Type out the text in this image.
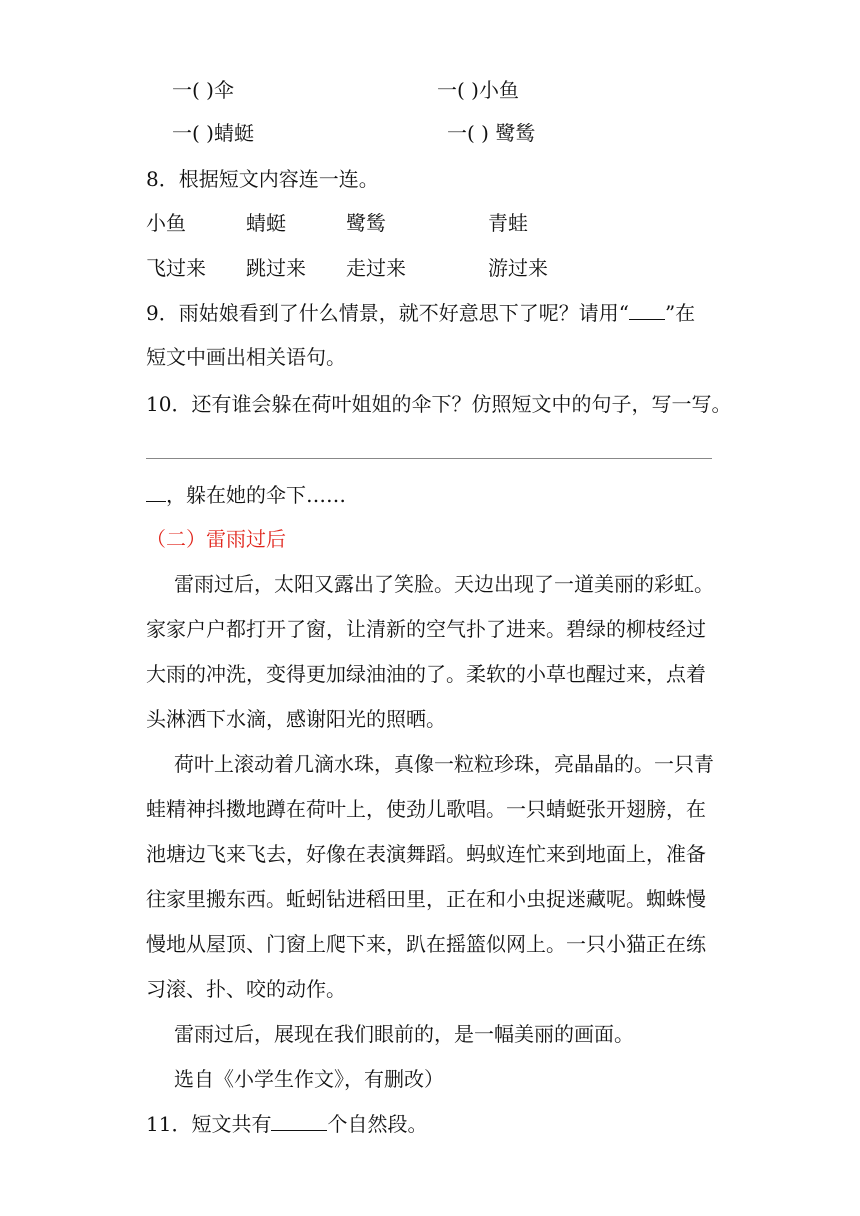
一( )伞	一( )小鱼
一( )蜻蜓	一( ) 鹭鸶
8．根据短文内容连一连。
小鱼	蜻蜓	鹭鸶	青蛙
飞过来 跳过来 走过来	游过来
9．雨姑娘看到了什么情景，就不好意思下了呢？请用“ ”在
短文中画出相关语句。
10．还有谁会躲在荷叶姐姐的伞下？仿照短文中的句子，写一写。
，躲在她的伞下……
（二）雷雨过后
雷雨过后，太阳又露出了笑脸。天边出现了一道美丽的彩虹。
家家户户都打开了窗，让清新的空气扑了进来。碧绿的柳枝经过
大雨的冲洗，变得更加绿油油的了。柔软的小草也醒过来，点着
头淋洒下水滴，感谢阳光的照晒。
荷叶上滚动着几滴水珠，真像一粒粒珍珠，亮晶晶的。一只青
蛙精神抖擞地蹲在荷叶上，使劲儿歌唱。一只蜻蜓张开翅膀，在
池塘边飞来飞去，好像在表演舞蹈。蚂蚁连忙来到地面上，准备
往家里搬东西。蚯蚓钻进稻田里，正在和小虫捉迷藏呢。蜘蛛慢
慢地从屋顶、门窗上爬下来，趴在摇篮似网上。一只小猫正在练
习滚、扑、咬的动作。
雷雨过后，展现在我们眼前的，是一幅美丽的画面。
选自《小学生作文》，有删改）
11．短文共有	个自然段。
